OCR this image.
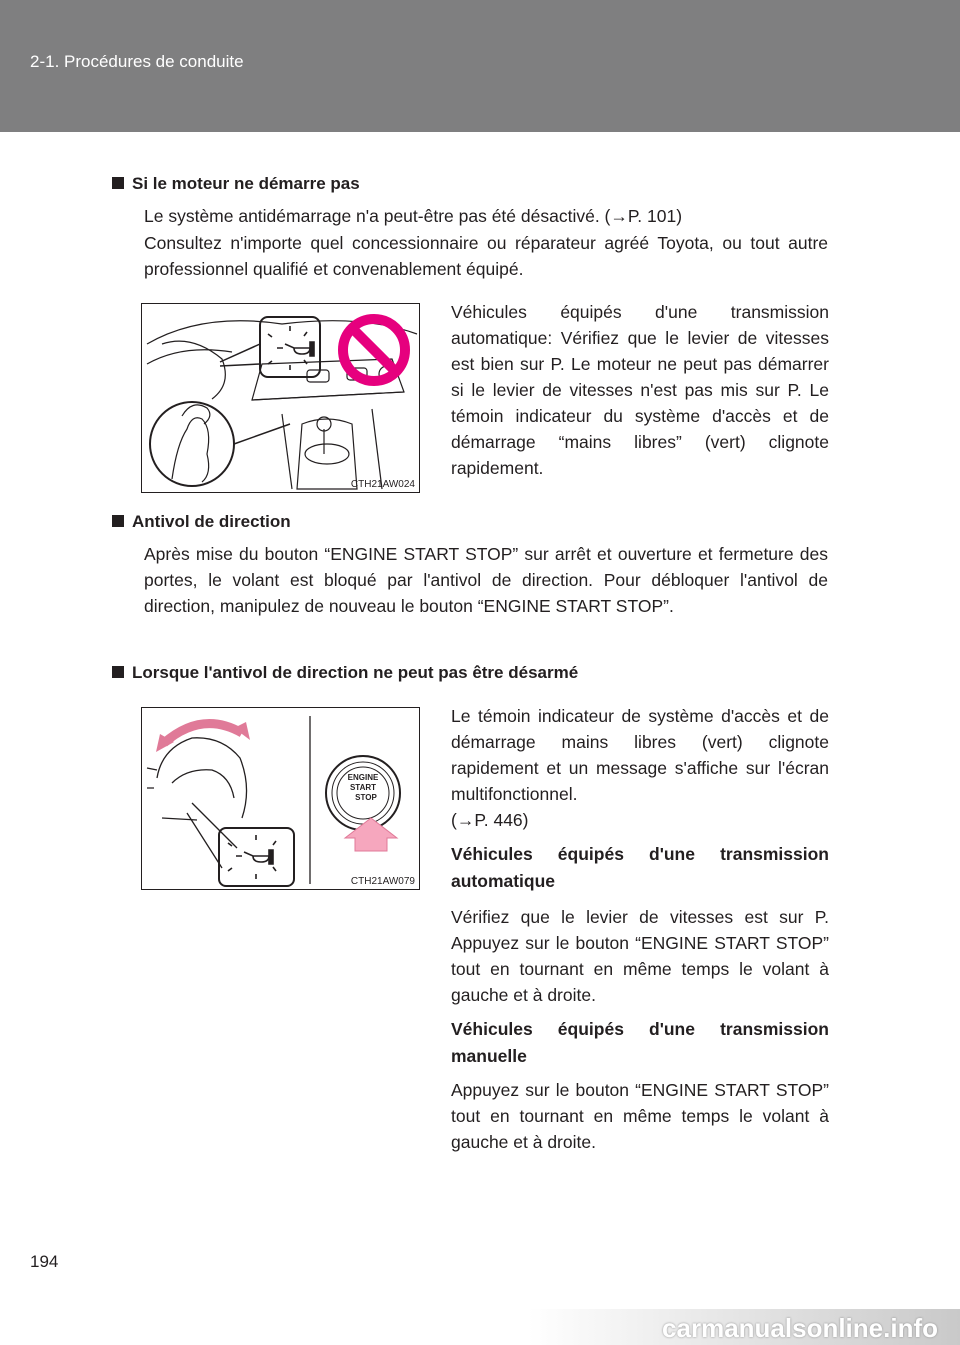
2-1. Procédures de conduite
Si le moteur ne démarre pas
Le système antidémarrage n'a peut-être pas été désactivé. (→P. 101)
Consultez n'importe quel concessionnaire ou réparateur agréé Toyota, ou tout autre professionnel qualifié et convenablement équipé.
CTH21AW024
Véhicules équipés d'une transmission automatique: Vérifiez que le levier de vitesses est bien sur P. Le moteur ne peut pas démarrer si le levier de vitesses n'est pas mis sur P. Le témoin indicateur du système d'accès et de démarrage “mains libres” (vert) clignote rapidement.
Antivol de direction
Après mise du bouton “ENGINE START STOP” sur arrêt et ouverture et fermeture des portes, le volant est bloqué par l'antivol de direction. Pour débloquer l'antivol de direction, manipulez de nouveau le bouton “ENGINE START STOP”.
Lorsque l'antivol de direction ne peut pas être désarmé
ENGINE
START
STOP
CTH21AW079
Le témoin indicateur de système d'accès et de démarrage mains libres (vert) clignote rapidement et un message s'affiche sur l'écran multifonctionnel.
(→P. 446)
Véhicules équipés d'une transmission automatique
Vérifiez que le levier de vitesses est sur P. Appuyez sur le bouton “ENGINE START STOP” tout en tournant en même temps le volant à gauche et à droite.
Véhicules équipés d'une transmission manuelle
Appuyez sur le bouton “ENGINE START STOP” tout en tournant en même temps le volant à gauche et à droite.
194
carmanualsonline.info
